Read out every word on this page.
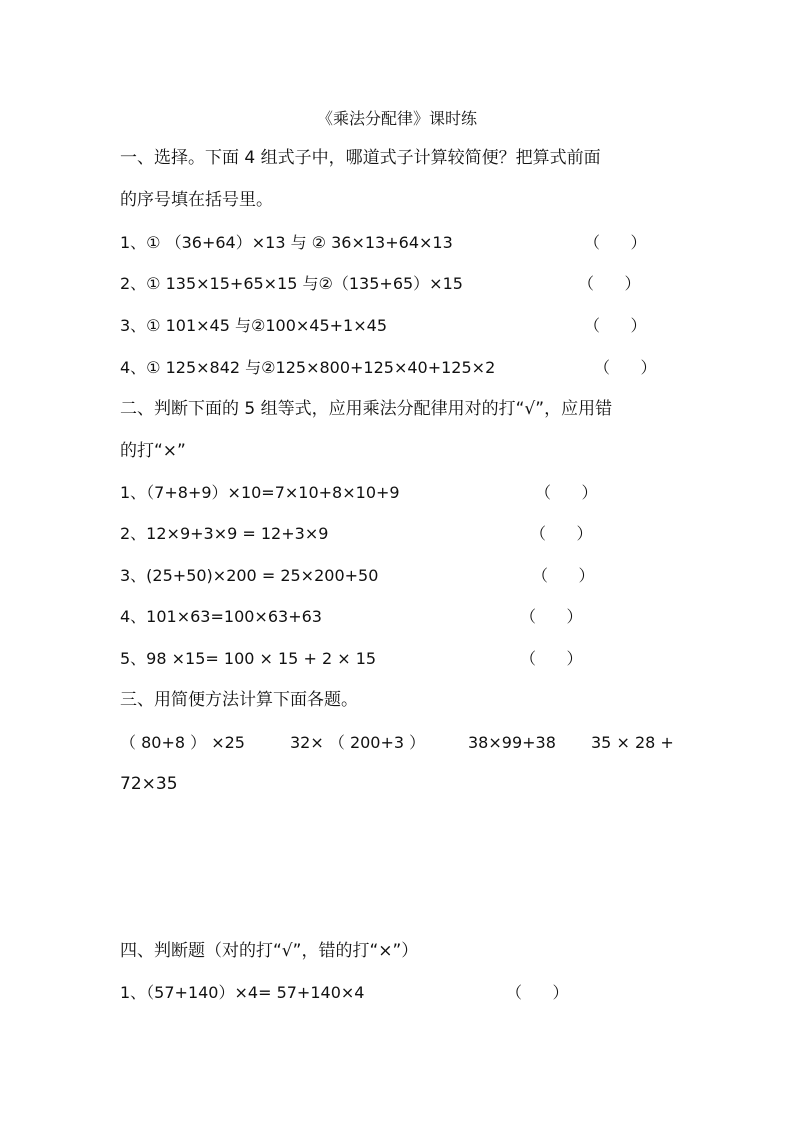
《乘法分配律》课时练
一、选择。下面 4 组式子中，哪道式子计算较简便？把算式前面
的序号填在括号里。
1、① （36+64）×13 与 ② 36×13+64×13	（      ）
2、① 135×15+65×15 与②（135+65）×15	（      ）
3、① 101×45 与②100×45+1×45	（      ）
4、① 125×842 与②125×800+125×40+125×2	（      ）
二、判断下面的 5 组等式，应用乘法分配律用对的打“√”，应用错
的打“×”
1、（7+8+9）×10=7×10+8×10+9	（      ）
2、12×9+3×9 = 12+3×9	（      ）
3、(25+50)×200 = 25×200+50	（      ）
4、101×63=100×63+63	（      ）
5、98 ×15= 100 × 15 + 2 × 15	（      ）
三、用简便方法计算下面各题。
（ 80+8 ） ×25	32× （ 200+3 ）	38×99+38 35 × 28 +
72×35
四、判断题（对的打“√”，错的打“×”）
1、（57+140）×4= 57+140×4	（      ）
